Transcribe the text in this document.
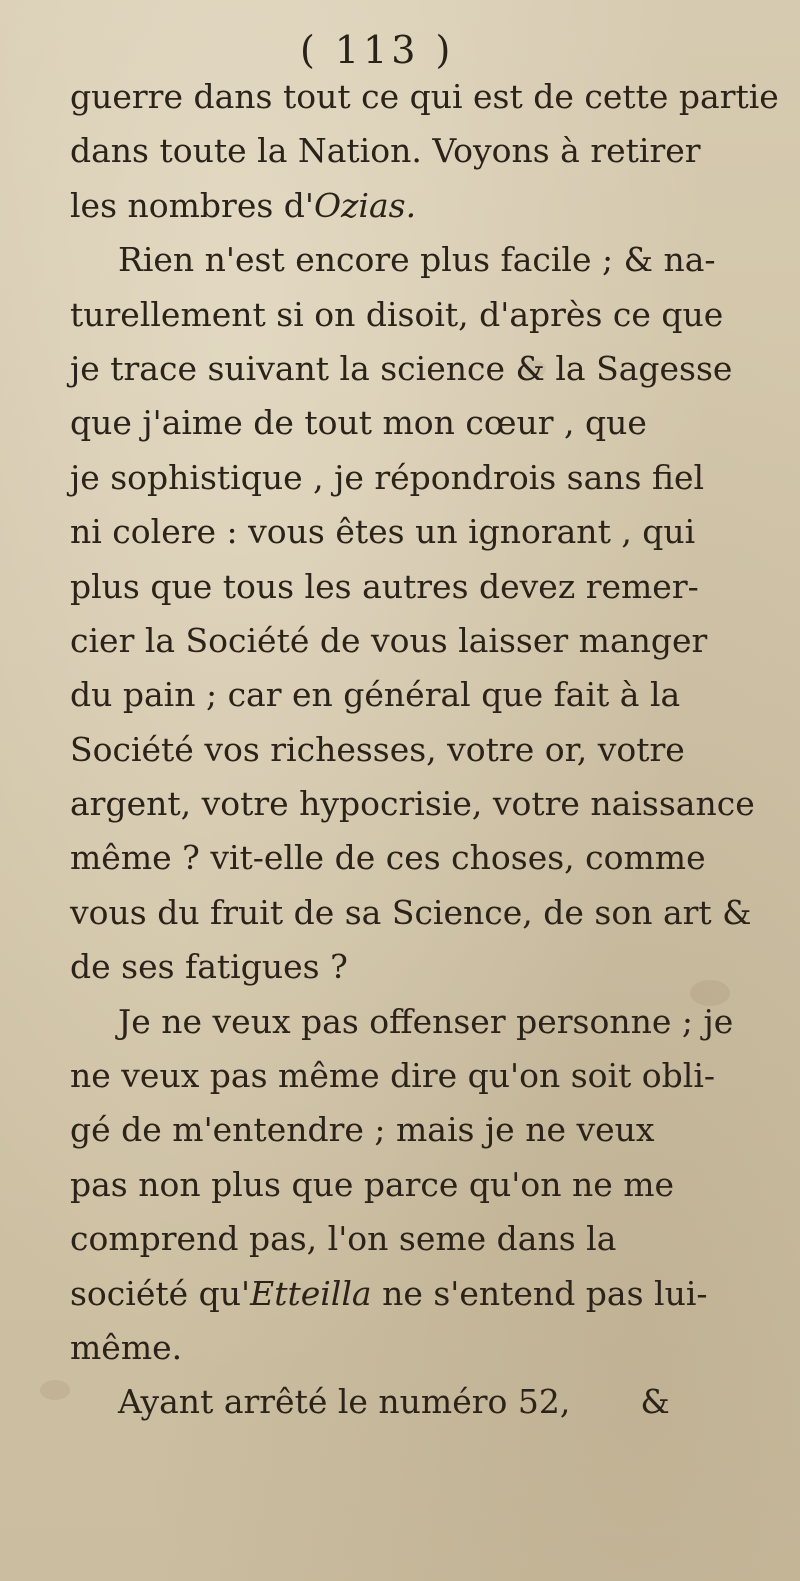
( 113 )
guerre dans tout ce qui est de cette partie
dans toute la Nation. Voyons à retirer
les nombres d'Ozias.
Rien n'est encore plus facile ; & na-
turellement si on disoit, d'après ce que
je trace suivant la science & la Sagesse
que j'aime de tout mon cœur , que
je sophistique , je répondrois sans fiel
ni colere : vous êtes un ignorant , qui
plus que tous les autres devez remer-
cier la Société de vous laisser manger
du pain ; car en général que fait à la
Société vos richesses, votre or, votre
argent, votre hypocrisie, votre naissance
même ? vit-elle de ces choses, comme
vous du fruit de sa Science, de son art &
de ses fatigues ?
Je ne veux pas offenser personne ; je
ne veux pas même dire qu'on soit obli-
gé de m'entendre ; mais je ne veux
pas non plus que parce qu'on ne me
comprend pas, l'on seme dans la
société qu'Etteilla ne s'entend pas lui-
même.
Ayant arrêté le numéro 52, &
